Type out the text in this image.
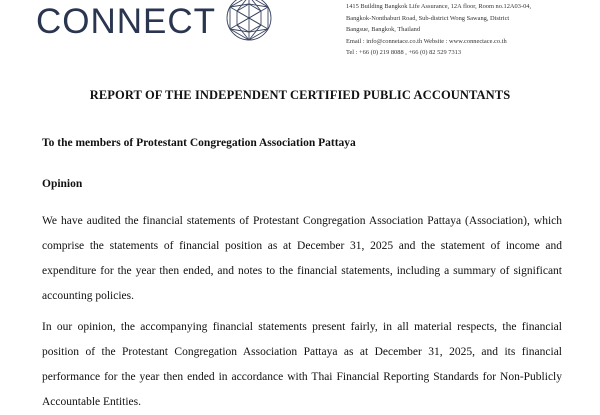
CONNECT	1415 Building Bangkok Life Assurance, 12A floor, Room no.12A03-04,
Bangkok-Nonthaburi Road, Sub-district Wong Sawang, District
Bangsue, Bangkok, Thailand
Email : info@connetace.co.th Website : www.connectace.co.th
Tel : +66 (0) 219 8088 , +66 (0) 82 529 7313
REPORT OF THE INDEPENDENT CERTIFIED PUBLIC ACCOUNTANTS
To the members of Protestant Congregation Association Pattaya
Opinion
We have audited the financial statements of Protestant Congregation Association Pattaya (Association), which comprise the statements of financial position as at December 31, 2025 and the statement of income and expenditure for the year then ended, and notes to the financial statements, including a summary of significant accounting policies.
In our opinion, the accompanying financial statements present fairly, in all material respects, the financial position of the Protestant Congregation Association Pattaya as at December 31, 2025, and its financial performance for the year then ended in accordance with Thai Financial Reporting Standards for Non-Publicly Accountable Entities.
